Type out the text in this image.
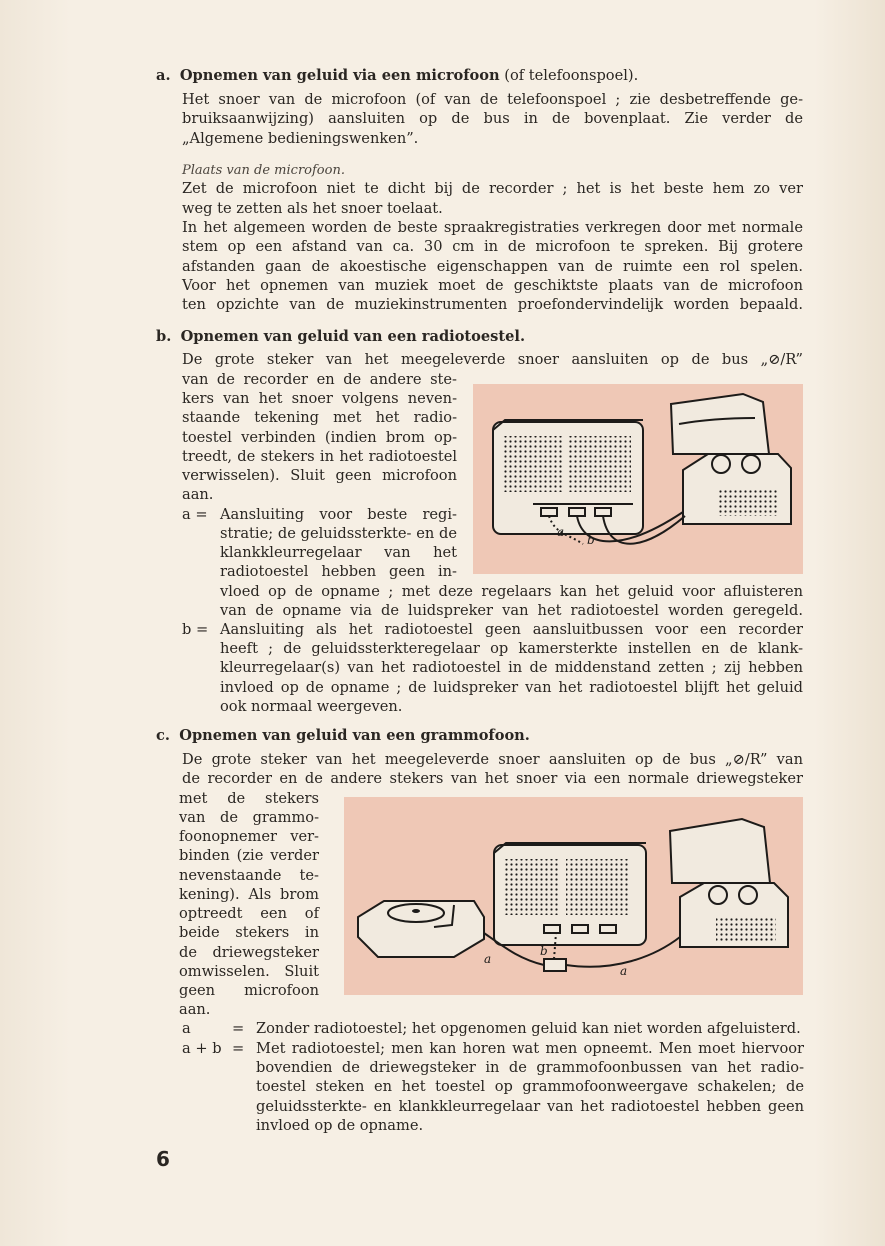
a. Opnemen van geluid via een microfoon (of telefoonspoel).

Het snoer van de microfoon (of van de telefoonspoel ; zie desbetreffende ge-

bruiksaanwijzing) aansluiten op de bus in de bovenplaat. Zie verder de

„Algemene bedieningswenken”.

Plaats van de microfoon.

Zet de microfoon niet te dicht bij de recorder ; het is het beste hem zo ver

weg te zetten als het snoer toelaat.

In het algemeen worden de beste spraakregistraties verkregen door met normale

stem op een afstand van ca. 30 cm in de microfoon te spreken. Bij grotere

afstanden gaan de akoestische eigenschappen van de ruimte een rol spelen.

Voor het opnemen van muziek moet de geschiktste plaats van de microfoon

ten opzichte van de muziekinstrumenten proefondervindelijk worden bepaald.

b. Opnemen van geluid van een radiotoestel.

De grote steker van het meegeleverde snoer aansluiten op de bus „⊘/R”

van de recorder en de andere ste-

kers van het snoer volgens neven-

staande tekening met het radio-

toestel verbinden (indien brom op-

treedt, de stekers in het radiotoestel

verwisselen). Sluit geen microfoon

aan.

a = Aansluiting voor beste regi-

stratie; de geluidssterkte- en de

klankkleurregelaar van het

radiotoestel hebben geen in-

vloed op de opname ; met deze regelaars kan het geluid voor afluisteren

van de opname via de luidspreker van het radiotoestel worden geregeld.

b = Aansluiting als het radiotoestel geen aansluitbussen voor een recorder

heeft ; de geluidssterkteregelaar op kamersterkte instellen en de klank-

kleurregelaar(s) van het radiotoestel in de middenstand zetten ; zij hebben

invloed op de opname ; de luidspreker van het radiotoestel blijft het geluid

ook normaal weergeven.

a
b
c. Opnemen van geluid van een grammofoon.

De grote steker van het meegeleverde snoer aansluiten op de bus „⊘/R” van

de recorder en de andere stekers van het snoer via een normale driewegsteker

met de stekers

van de grammo-

foonopnemer ver-

binden (zie verder

nevenstaande te-

kening). Als brom

optreedt een of

beide stekers in

de driewegsteker

omwisselen. Sluit

geen microfoon

aan.

a	= Zonder radiotoestel; het opgenomen geluid kan niet worden afgeluisterd.

a + b = Met radiotoestel; men kan horen wat men opneemt. Men moet hiervoor

bovendien de driewegsteker in de grammofoonbussen van het radio-

toestel steken en het toestel op grammofoonweergave schakelen; de

geluidssterkte- en klankkleurregelaar van het radiotoestel hebben geen

invloed op de opname.

a
b
a
6
